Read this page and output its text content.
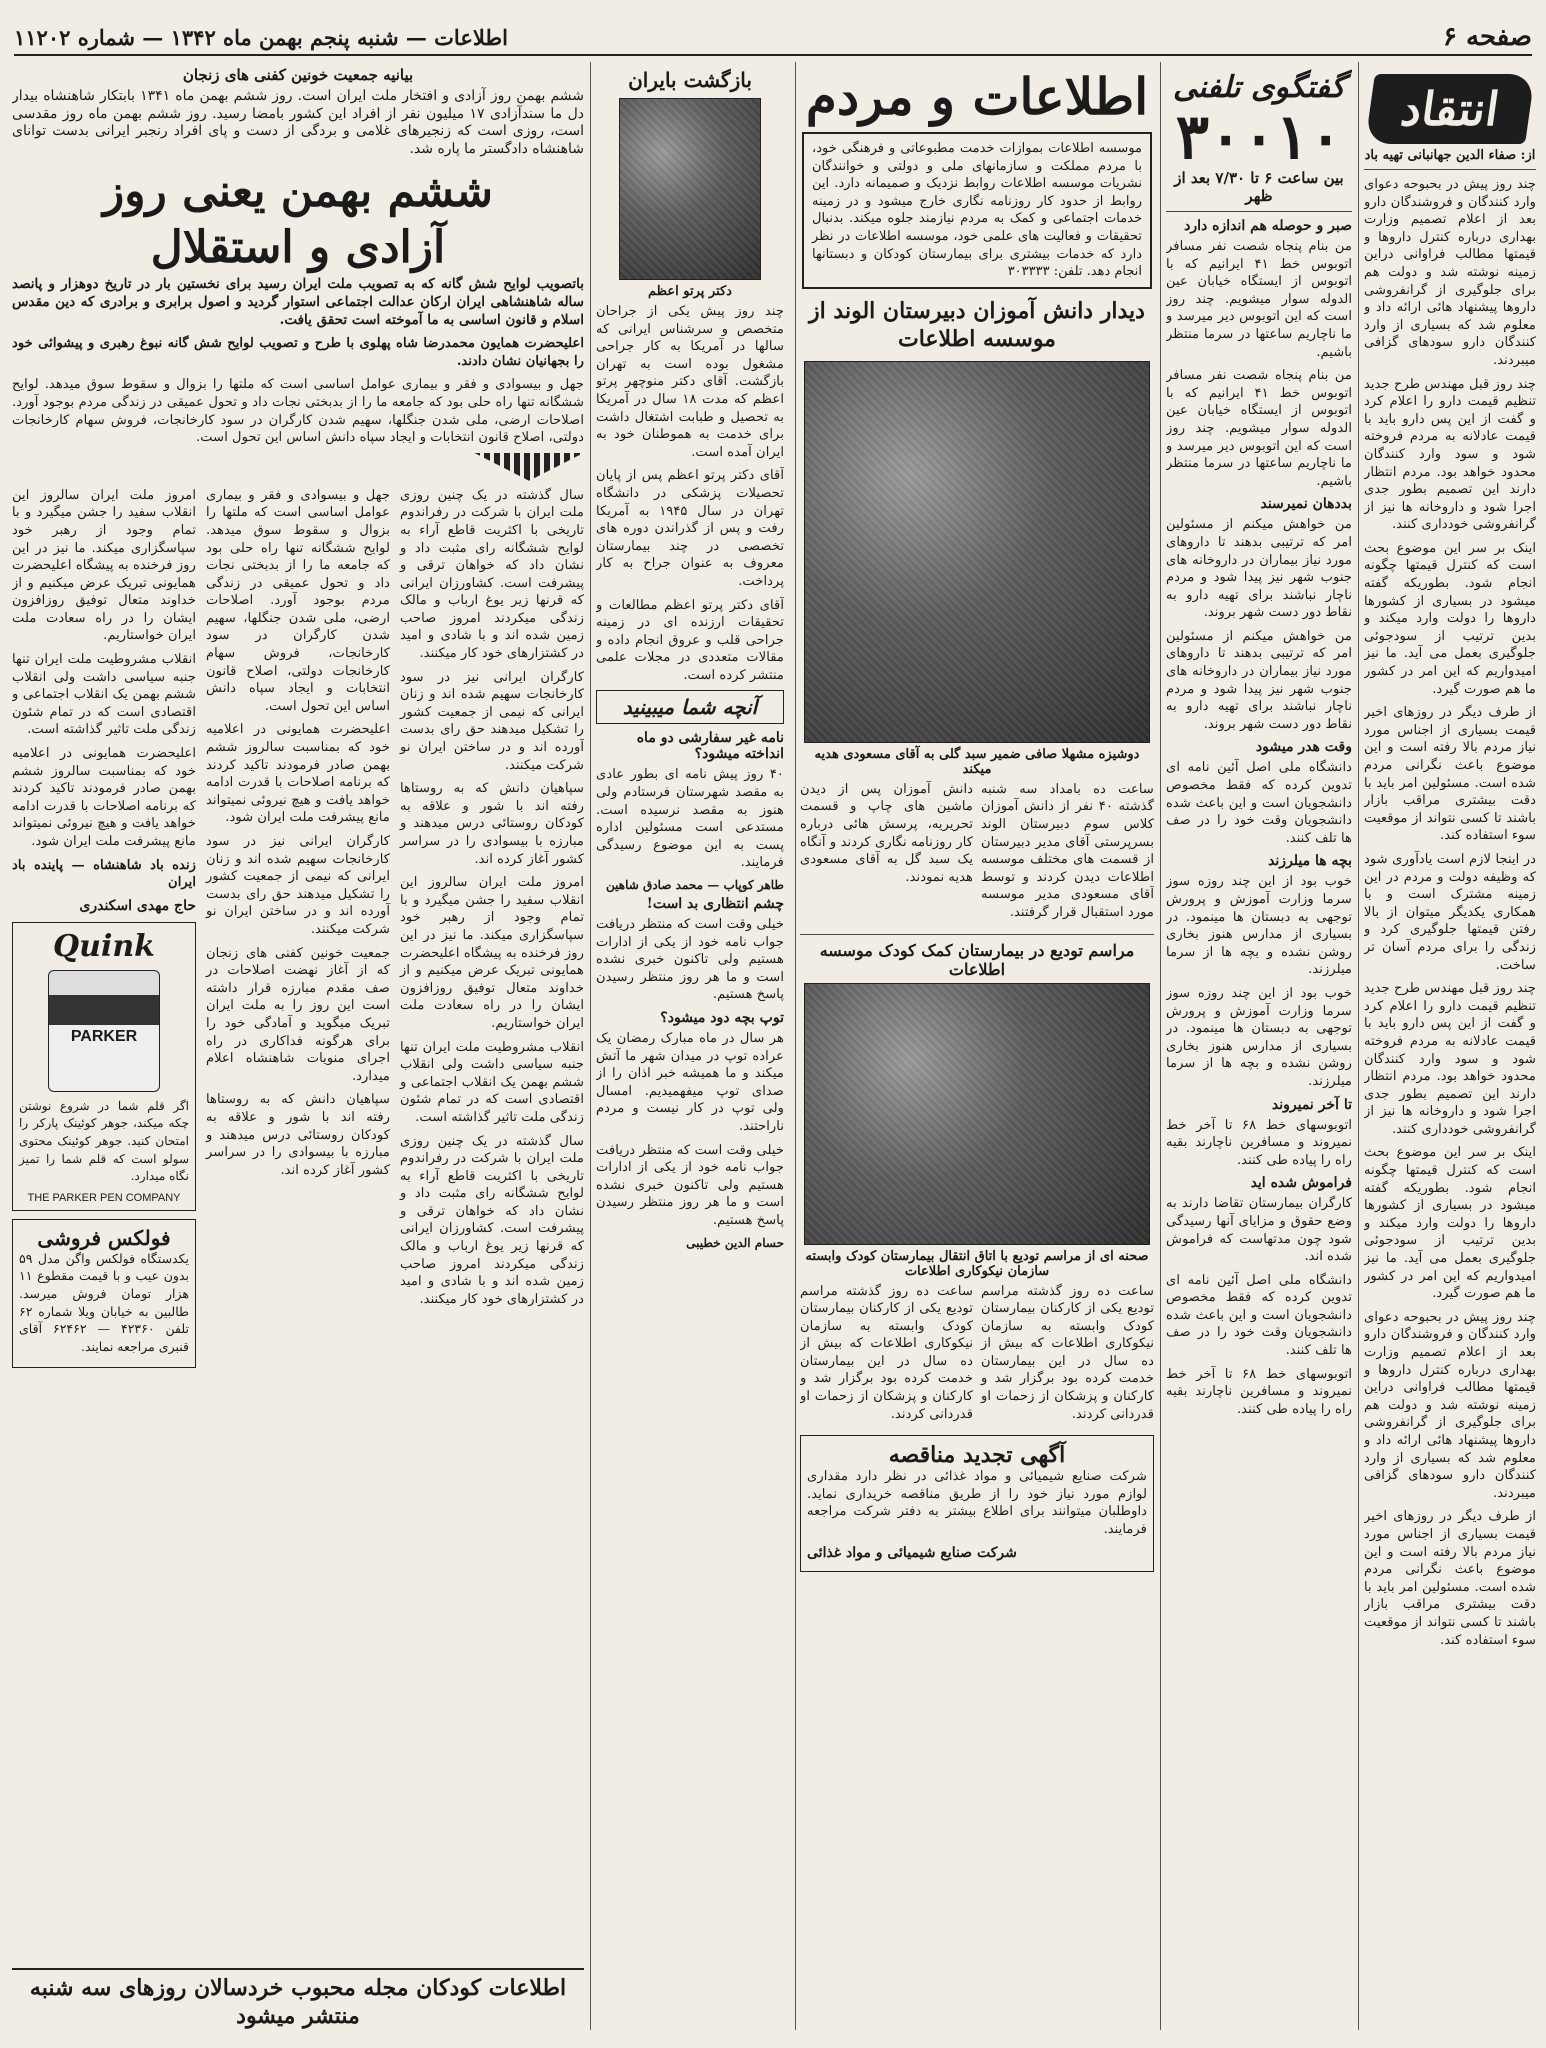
صفحه ۶
اطلاعات — شنبه پنجم بهمن ماه ۱۳۴۲ — شماره ۱۱۲۰۲
انتقاد
از: صفاء الدین جهانبانی تهیه باد

چند روز پیش در بحبوحه دعوای وارد کنندگان و فروشندگان دارو بعد از اعلام تصمیم وزارت بهداری درباره کنترل داروها و قیمتها مطالب فراوانی دراین زمینه نوشته شد و دولت هم برای جلوگیری از گرانفروشی داروها پیشنهاد هائی ارائه داد و معلوم شد که بسیاری از وارد کنندگان دارو سودهای گزافی میبردند.

چند روز قبل مهندس طرح جدید تنظیم قیمت دارو را اعلام کرد و گفت از این پس دارو باید با قیمت عادلانه به مردم فروخته شود و سود وارد کنندگان محدود خواهد بود. مردم انتظار دارند این تصمیم بطور جدی اجرا شود و داروخانه ها نیز از گرانفروشی خودداری کنند.

اینک بر سر این موضوع بحث است که کنترل قیمتها چگونه انجام شود. بطوریکه گفته میشود در بسیاری از کشورها داروها را دولت وارد میکند و بدین ترتیب از سودجوئی جلوگیری بعمل می آید. ما نیز امیدواریم که این امر در کشور ما هم صورت گیرد.

از طرف دیگر در روزهای اخیر قیمت بسیاری از اجناس مورد نیاز مردم بالا رفته است و این موضوع باعث نگرانی مردم شده است. مسئولین امر باید با دقت بیشتری مراقب بازار باشند تا کسی نتواند از موقعیت سوء استفاده کند.

در اینجا لازم است یادآوری شود که وظیفه دولت و مردم در این زمینه مشترک است و با همکاری یکدیگر میتوان از بالا رفتن قیمتها جلوگیری کرد و زندگی را برای مردم آسان تر ساخت.

چند روز قبل مهندس طرح جدید تنظیم قیمت دارو را اعلام کرد و گفت از این پس دارو باید با قیمت عادلانه به مردم فروخته شود و سود وارد کنندگان محدود خواهد بود. مردم انتظار دارند این تصمیم بطور جدی اجرا شود و داروخانه ها نیز از گرانفروشی خودداری کنند.

اینک بر سر این موضوع بحث است که کنترل قیمتها چگونه انجام شود. بطوریکه گفته میشود در بسیاری از کشورها داروها را دولت وارد میکند و بدین ترتیب از سودجوئی جلوگیری بعمل می آید. ما نیز امیدواریم که این امر در کشور ما هم صورت گیرد.

چند روز پیش در بحبوحه دعوای وارد کنندگان و فروشندگان دارو بعد از اعلام تصمیم وزارت بهداری درباره کنترل داروها و قیمتها مطالب فراوانی دراین زمینه نوشته شد و دولت هم برای جلوگیری از گرانفروشی داروها پیشنهاد هائی ارائه داد و معلوم شد که بسیاری از وارد کنندگان دارو سودهای گزافی میبردند.

از طرف دیگر در روزهای اخیر قیمت بسیاری از اجناس مورد نیاز مردم بالا رفته است و این موضوع باعث نگرانی مردم شده است. مسئولین امر باید با دقت بیشتری مراقب بازار باشند تا کسی نتواند از موقعیت سوء استفاده کند.

گفتگوی تلفنی
۳۰۰۱۰
بین ساعت ۶ تا ۷/۳۰ بعد از ظهر
صبر و حوصله هم اندازه دارد

من بنام پنجاه شصت نفر مسافر اتوبوس خط ۴۱ ایرانیم که با اتوبوس از ایستگاه خیابان عین الدوله سوار میشویم. چند روز است که این اتوبوس دیر میرسد و ما ناچاریم ساعتها در سرما منتظر باشیم.

من بنام پنجاه شصت نفر مسافر اتوبوس خط ۴۱ ایرانیم که با اتوبوس از ایستگاه خیابان عین الدوله سوار میشویم. چند روز است که این اتوبوس دیر میرسد و ما ناچاریم ساعتها در سرما منتظر باشیم.

بددهان نمیرسند

من خواهش میکنم از مسئولین امر که ترتیبی بدهند تا داروهای مورد نیاز بیماران در داروخانه های جنوب شهر نیز پیدا شود و مردم ناچار نباشند برای تهیه دارو به نقاط دور دست شهر بروند.

من خواهش میکنم از مسئولین امر که ترتیبی بدهند تا داروهای مورد نیاز بیماران در داروخانه های جنوب شهر نیز پیدا شود و مردم ناچار نباشند برای تهیه دارو به نقاط دور دست شهر بروند.

وقت هدر میشود

دانشگاه ملی اصل آئین نامه ای تدوین کرده که فقط مخصوص دانشجویان است و این باعث شده دانشجویان وقت خود را در صف ها تلف کنند.

بچه ها میلرزند

خوب بود از این چند روزه سوز سرما وزارت آموزش و پرورش توجهی به دبستان ها مینمود. در بسیاری از مدارس هنوز بخاری روشن نشده و بچه ها از سرما میلرزند.

خوب بود از این چند روزه سوز سرما وزارت آموزش و پرورش توجهی به دبستان ها مینمود. در بسیاری از مدارس هنوز بخاری روشن نشده و بچه ها از سرما میلرزند.

تا آخر نمیروند

اتوبوسهای خط ۶۸ تا آخر خط نمیروند و مسافرین ناچارند بقیه راه را پیاده طی کنند.

فراموش شده اید

کارگران بیمارستان تقاضا دارند به وضع حقوق و مزایای آنها رسیدگی شود چون مدتهاست که فراموش شده اند.

دانشگاه ملی اصل آئین نامه ای تدوین کرده که فقط مخصوص دانشجویان است و این باعث شده دانشجویان وقت خود را در صف ها تلف کنند.

اتوبوسهای خط ۶۸ تا آخر خط نمیروند و مسافرین ناچارند بقیه راه را پیاده طی کنند.

اطلاعات و مردم

موسسه اطلاعات بموازات خدمت مطبوعاتی و فرهنگی خود، با مردم مملکت و سازمانهای ملی و دولتی و خوانندگان نشریات موسسه اطلاعات روابط نزدیک و صمیمانه دارد. این روابط از حدود کار روزنامه نگاری خارج میشود و در زمینه خدمات اجتماعی و کمک به مردم نیازمند جلوه میکند. بدنبال تحقیقات و فعالیت های علمی خود، موسسه اطلاعات در نظر دارد که خدمات بیشتری برای بیمارستان کودکان و دبستانها انجام دهد. تلفن: ۳۰۳۳۳۳

دیدار دانش آموزان دبیرستان الوند از موسسه اطلاعات
دوشیزه مشهلا صافی ضمیر سبد گلی به آقای مسعودی هدیه میکند

ساعت ده بامداد سه شنبه گذشته ۴۰ نفر از دانش آموزان کلاس سوم دبیرستان الوند بسرپرستی آقای مدیر دبیرستان از قسمت های مختلف موسسه اطلاعات دیدن کردند و توسط آقای مسعودی مدیر موسسه مورد استقبال قرار گرفتند.

دانش آموزان پس از دیدن ماشین های چاپ و قسمت تحریریه، پرسش هائی درباره کار روزنامه نگاری کردند و آنگاه یک سبد گل به آقای مسعودی هدیه نمودند.

مراسم تودیع در بیمارستان کمک کودک موسسه اطلاعات
صحنه ای از مراسم تودیع با اتاق انتقال بیمارستان کودک وابسته سازمان نیکوکاری اطلاعات

ساعت ده روز گذشته مراسم تودیع یکی از کارکنان بیمارستان کودک وابسته به سازمان نیکوکاری اطلاعات که بیش از ده سال در این بیمارستان خدمت کرده بود برگزار شد و کارکنان و پزشکان از زحمات او قدردانی کردند.

ساعت ده روز گذشته مراسم تودیع یکی از کارکنان بیمارستان کودک وابسته به سازمان نیکوکاری اطلاعات که بیش از ده سال در این بیمارستان خدمت کرده بود برگزار شد و کارکنان و پزشکان از زحمات او قدردانی کردند.

آگهی تجدید مناقصه

شرکت صنایع شیمیائی و مواد غذائی در نظر دارد مقداری لوازم مورد نیاز خود را از طریق مناقصه خریداری نماید. داوطلبان میتوانند برای اطلاع بیشتر به دفتر شرکت مراجعه فرمایند.

شرکت صنایع شیمیائی و مواد غذائی
بازگشت بایران
دکتر پرتو اعظم

چند روز پیش یکی از جراحان متخصص و سرشناس ایرانی که سالها در آمریکا به کار جراحی مشغول بوده است به تهران بازگشت. آقای دکتر منوچهر پرتو اعظم که مدت ۱۸ سال در آمریکا به تحصیل و طبابت اشتغال داشت برای خدمت به هموطنان خود به ایران آمده است.

آقای دکتر پرتو اعظم پس از پایان تحصیلات پزشکی در دانشگاه تهران در سال ۱۹۴۵ به آمریکا رفت و پس از گذراندن دوره های تخصصی در چند بیمارستان معروف به عنوان جراح به کار پرداخت.

آقای دکتر پرتو اعظم مطالعات و تحقیقات ارزنده ای در زمینه جراحی قلب و عروق انجام داده و مقالات متعددی در مجلات علمی منتشر کرده است.

آنچه شما میبینید
نامه غیر سفارشی دو ماه انداخته میشود؟

۴۰ روز پیش نامه ای بطور عادی به مقصد شهرستان فرستادم ولی هنوز به مقصد نرسیده است. مستدعی است مسئولین اداره پست به این موضوع رسیدگی فرمایند.

طاهر کوپاب — محمد صادق شاهین
چشم انتظاری بد است!

خیلی وقت است که منتظر دریافت جواب نامه خود از یکی از ادارات هستیم ولی تاکنون خبری نشده است و ما هر روز منتظر رسیدن پاسخ هستیم.

توپ بچه دود میشود؟

هر سال در ماه مبارک رمضان یک عراده توپ در میدان شهر ما آتش میکند و ما همیشه خبر اذان را از صدای توپ میفهمیدیم. امسال ولی توپ در کار نیست و مردم ناراحتند.

خیلی وقت است که منتظر دریافت جواب نامه خود از یکی از ادارات هستیم ولی تاکنون خبری نشده است و ما هر روز منتظر رسیدن پاسخ هستیم.

حسام الدین خطیبی
بیانیه جمعیت خونین کفنی های زنجان

ششم بهمن روز آزادی و افتخار ملت ایران است. روز ششم بهمن ماه ۱۳۴۱ بابتکار شاهنشاه بیدار دل ما سندآزادی ۱۷ میلیون نفر از افراد این کشور بامضا رسید. روز ششم بهمن ماه روز مقدسی است، روزی است که زنجیرهای غلامی و بردگی از دست و پای افراد رنجبر ایرانی بدست توانای شاهنشاه دادگستر ما پاره شد.

ششم بهمن یعنی روز
آزادی و استقلال

باتصویب لوایح شش گانه که به تصویب ملت ایران رسید برای نخستین بار در تاریخ دوهزار و پانصد ساله شاهنشاهی ایران ارکان عدالت اجتماعی استوار گردید و اصول برابری و برادری که دین مقدس اسلام و قانون اساسی به ما آموخته است تحقق یافت.

اعلیحضرت همایون محمدرضا شاه پهلوی با طرح و تصویب لوایح شش گانه نبوغ رهبری و پیشوائی خود را بجهانیان نشان دادند.

جهل و بیسوادی و فقر و بیماری عوامل اساسی است که ملتها را بزوال و سقوط سوق میدهد. لوایح ششگانه تنها راه حلی بود که جامعه ما را از بدبختی نجات داد و تحول عمیقی در زندگی مردم بوجود آورد. اصلاحات ارضی، ملی شدن جنگلها، سهیم شدن کارگران در سود کارخانجات، فروش سهام کارخانجات دولتی، اصلاح قانون انتخابات و ایجاد سپاه دانش اساس این تحول است.

سال گذشته در یک چنین روزی ملت ایران با شرکت در رفراندوم تاریخی با اکثریت قاطع آراء به لوایح ششگانه رای مثبت داد و نشان داد که خواهان ترقی و پیشرفت است. کشاورزان ایرانی که قرنها زیر یوغ ارباب و مالک زندگی میکردند امروز صاحب زمین شده اند و با شادی و امید در کشتزارهای خود کار میکنند.

کارگران ایرانی نیز در سود کارخانجات سهیم شده اند و زنان ایرانی که نیمی از جمعیت کشور را تشکیل میدهند حق رای بدست آورده اند و در ساختن ایران نو شرکت میکنند.

سپاهیان دانش که به روستاها رفته اند با شور و علاقه به کودکان روستائی درس میدهند و مبارزه با بیسوادی را در سراسر کشور آغاز کرده اند.

امروز ملت ایران سالروز این انقلاب سفید را جشن میگیرد و با تمام وجود از رهبر خود سپاسگزاری میکند. ما نیز در این روز فرخنده به پیشگاه اعلیحضرت همایونی تبریک عرض میکنیم و از خداوند متعال توفیق روزافزون ایشان را در راه سعادت ملت ایران خواستاریم.

انقلاب مشروطیت ملت ایران تنها جنبه سیاسی داشت ولی انقلاب ششم بهمن یک انقلاب اجتماعی و اقتصادی است که در تمام شئون زندگی ملت تاثیر گذاشته است.

سال گذشته در یک چنین روزی ملت ایران با شرکت در رفراندوم تاریخی با اکثریت قاطع آراء به لوایح ششگانه رای مثبت داد و نشان داد که خواهان ترقی و پیشرفت است. کشاورزان ایرانی که قرنها زیر یوغ ارباب و مالک زندگی میکردند امروز صاحب زمین شده اند و با شادی و امید در کشتزارهای خود کار میکنند.

جهل و بیسوادی و فقر و بیماری عوامل اساسی است که ملتها را بزوال و سقوط سوق میدهد. لوایح ششگانه تنها راه حلی بود که جامعه ما را از بدبختی نجات داد و تحول عمیقی در زندگی مردم بوجود آورد. اصلاحات ارضی، ملی شدن جنگلها، سهیم شدن کارگران در سود کارخانجات، فروش سهام کارخانجات دولتی، اصلاح قانون انتخابات و ایجاد سپاه دانش اساس این تحول است.

اعلیحضرت همایونی در اعلامیه خود که بمناسبت سالروز ششم بهمن صادر فرمودند تاکید کردند که برنامه اصلاحات با قدرت ادامه خواهد یافت و هیچ نیروئی نمیتواند مانع پیشرفت ملت ایران شود.

کارگران ایرانی نیز در سود کارخانجات سهیم شده اند و زنان ایرانی که نیمی از جمعیت کشور را تشکیل میدهند حق رای بدست آورده اند و در ساختن ایران نو شرکت میکنند.

جمعیت خونین کفنی های زنجان که از آغاز نهضت اصلاحات در صف مقدم مبارزه قرار داشته است این روز را به ملت ایران تبریک میگوید و آمادگی خود را برای هرگونه فداکاری در راه اجرای منویات شاهنشاه اعلام میدارد.

سپاهیان دانش که به روستاها رفته اند با شور و علاقه به کودکان روستائی درس میدهند و مبارزه با بیسوادی را در سراسر کشور آغاز کرده اند.

امروز ملت ایران سالروز این انقلاب سفید را جشن میگیرد و با تمام وجود از رهبر خود سپاسگزاری میکند. ما نیز در این روز فرخنده به پیشگاه اعلیحضرت همایونی تبریک عرض میکنیم و از خداوند متعال توفیق روزافزون ایشان را در راه سعادت ملت ایران خواستاریم.

انقلاب مشروطیت ملت ایران تنها جنبه سیاسی داشت ولی انقلاب ششم بهمن یک انقلاب اجتماعی و اقتصادی است که در تمام شئون زندگی ملت تاثیر گذاشته است.

اعلیحضرت همایونی در اعلامیه خود که بمناسبت سالروز ششم بهمن صادر فرمودند تاکید کردند که برنامه اصلاحات با قدرت ادامه خواهد یافت و هیچ نیروئی نمیتواند مانع پیشرفت ملت ایران شود.

زنده باد شاهنشاه — پاینده باد ایران

حاج مهدی اسکندری
Quink
PARKER

اگر قلم شما در شروع نوشتن چکه میکند، جوهر کوئینک پارکر را امتحان کنید. جوهر کوئینک محتوی سولو است که قلم شما را تمیز نگاه میدارد.

THE PARKER PEN COMPANY
فولکس فروشی

یکدستگاه فولکس واگن مدل ۵۹ بدون عیب و با قیمت مقطوع ۱۱ هزار تومان فروش میرسد. طالبین به خیابان ویلا شماره ۶۲ تلفن ۴۲۳۶۰ — ۶۲۴۶۲ آقای قنبری مراجعه نمایند.

اطلاعات کودکان مجله محبوب خردسالان روزهای سه شنبه منتشر میشود
